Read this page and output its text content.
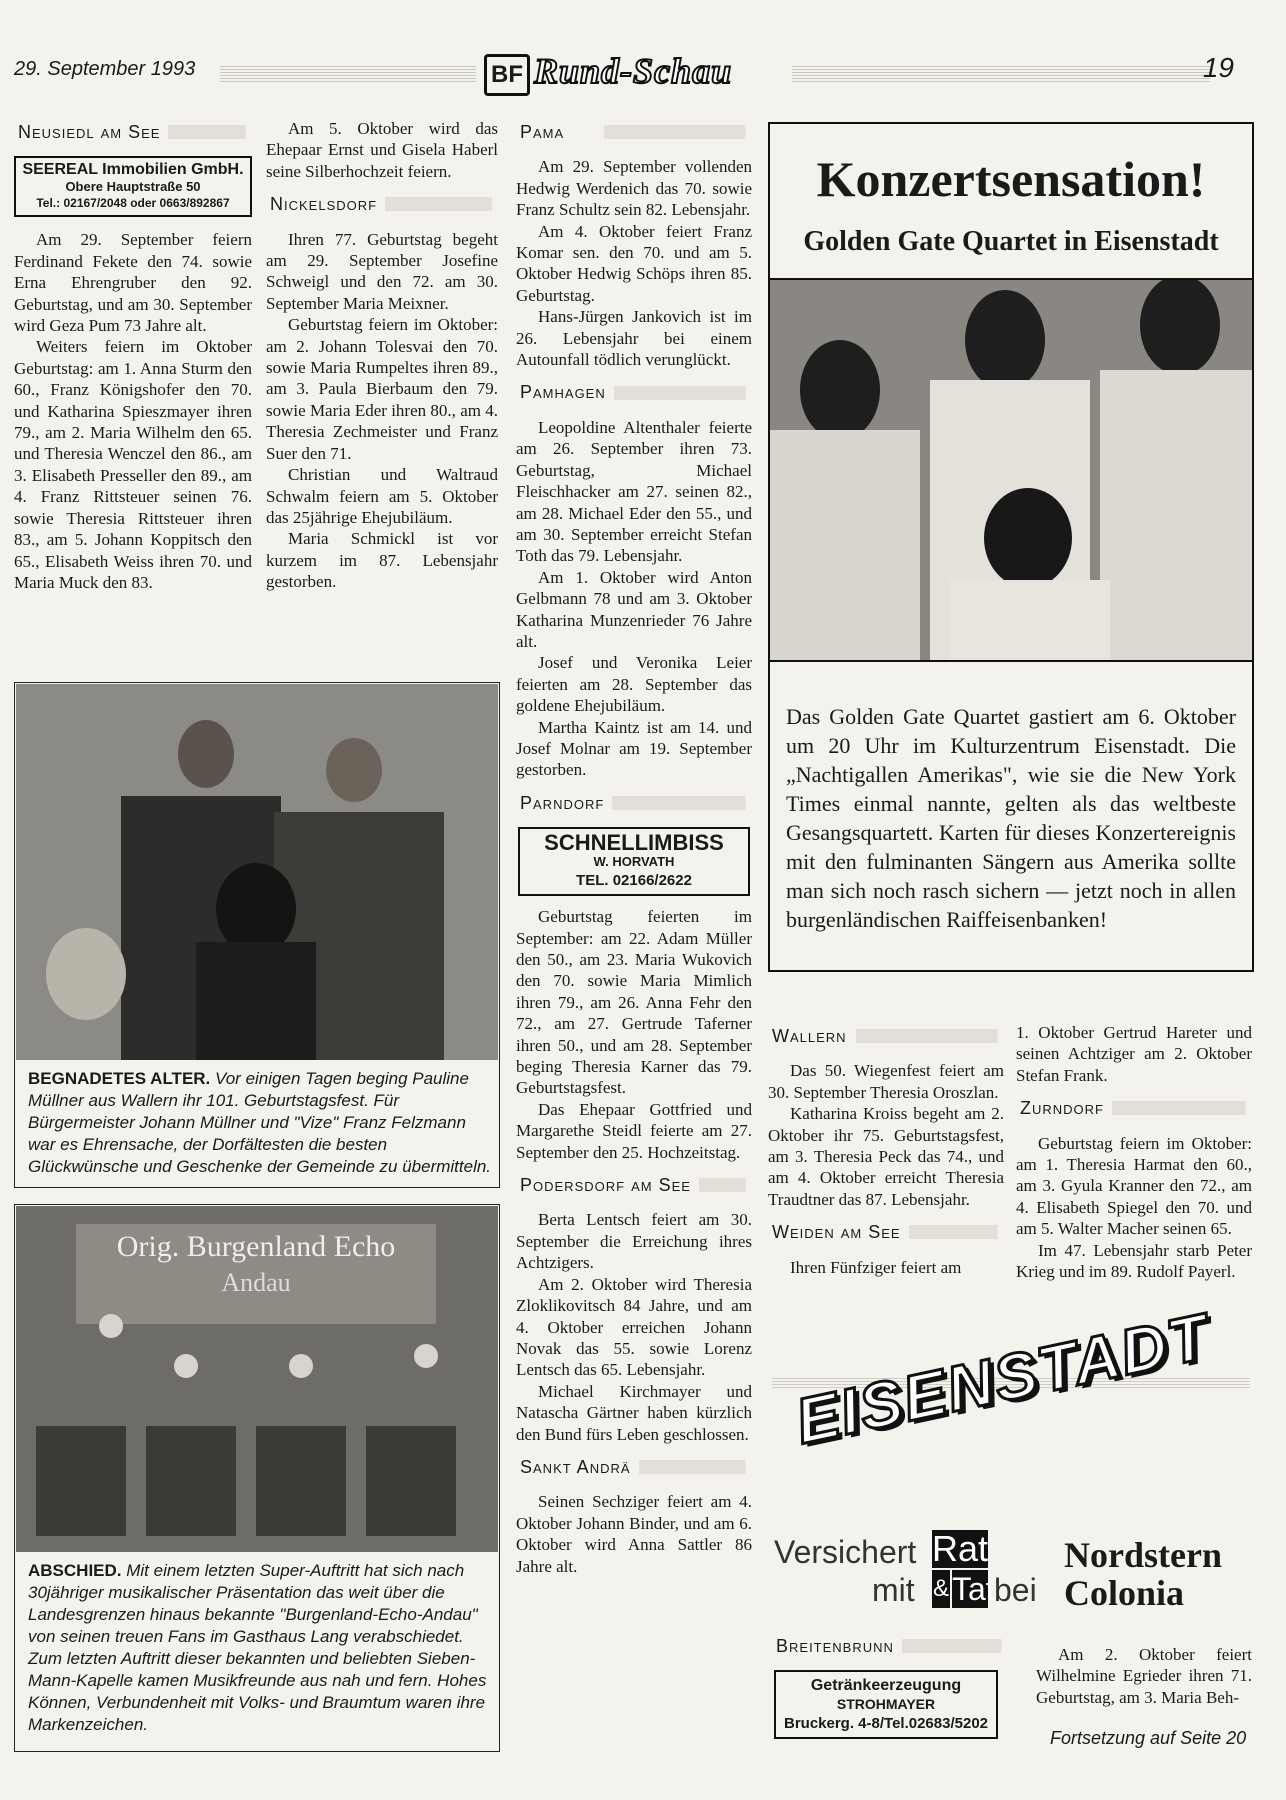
29. September 1993	BF Rund-Schau	19
Neusiedl am See
SEEREAL Immobilien GmbH.
Obere Hauptstraße 50
Tel.: 02167/2048 oder 0663/892867

Am 29. September feiern Ferdinand Fekete den 74. sowie Erna Ehrengruber den 92. Geburtstag, und am 30. September wird Geza Pum 73 Jahre alt.

Weiters feiern im Oktober Geburtstag: am 1. Anna Sturm den 60., Franz Königshofer den 70. und Katharina Spieszmayer ihren 79., am 2. Maria Wilhelm den 65. und Theresia Wenczel den 86., am 3. Elisabeth Presseller den 89., am 4. Franz Rittsteuer seinen 76. sowie Theresia Rittsteuer ihren 83., am 5. Johann Koppitsch den 65., Elisabeth Weiss ihren 70. und Maria Muck den 83.

Am 5. Oktober wird das Ehepaar Ernst und Gisela Haberl seine Silberhochzeit feiern.

Nickelsdorf

Ihren 77. Geburtstag begeht am 29. September Josefine Schweigl und den 72. am 30. September Maria Meixner.

Geburtstag feiern im Oktober: am 2. Johann Tolesvai den 70. sowie Maria Rumpeltes ihren 89., am 3. Paula Bierbaum den 79. sowie Maria Eder ihren 80., am 4. Theresia Zechmeister und Franz Suer den 71.

Christian und Waltraud Schwalm feiern am 5. Oktober das 25jährige Ehejubiläum.

Maria Schmickl ist vor kurzem im 87. Lebensjahr gestorben.

BEGNADETES ALTER. Vor einigen Tagen beging Pauline Müllner aus Wallern ihr 101. Geburtstagsfest. Für Bürgermeister Johann Müllner und "Vize" Franz Felzmann war es Ehrensache, der Dorfältesten die besten Glückwünsche und Geschenke der Gemeinde zu übermitteln.
Orig. Burgenland Echo
Andau
ABSCHIED. Mit einem letzten Super-Auftritt hat sich nach 30jähriger musikalischer Präsentation das weit über die Landesgrenzen hinaus bekannte "Burgenland-Echo-Andau" von seinen treuen Fans im Gasthaus Lang verabschiedet. Zum letzten Auftritt dieser bekannten und beliebten Sieben-Mann-Kapelle kamen Musikfreunde aus nah und fern. Hohes Können, Verbundenheit mit Volks- und Braumtum waren ihre Markenzeichen.
Pama

Am 29. September vollenden Hedwig Werdenich das 70. sowie Franz Schultz sein 82. Lebensjahr.

Am 4. Oktober feiert Franz Komar sen. den 70. und am 5. Oktober Hedwig Schöps ihren 85. Geburtstag.

Hans-Jürgen Jankovich ist im 26. Lebensjahr bei einem Autounfall tödlich verunglückt.

Pamhagen

Leopoldine Altenthaler feierte am 26. September ihren 73. Geburtstag, Michael Fleischhacker am 27. seinen 82., am 28. Michael Eder den 55., und am 30. September erreicht Stefan Toth das 79. Lebensjahr.

Am 1. Oktober wird Anton Gelbmann 78 und am 3. Oktober Katharina Munzenrieder 76 Jahre alt.

Josef und Veronika Leier feierten am 28. September das goldene Ehejubiläum.

Martha Kaintz ist am 14. und Josef Molnar am 19. September gestorben.

Parndorf
SCHNELLIMBISS
W. HORVATH
TEL. 02166/2622

Geburtstag feierten im September: am 22. Adam Müller den 50., am 23. Maria Wukovich den 70. sowie Maria Mimlich ihren 79., am 26. Anna Fehr den 72., am 27. Gertrude Taferner ihren 50., und am 28. September beging Theresia Karner das 79. Geburtstagsfest.

Das Ehepaar Gottfried und Margarethe Steidl feierte am 27. September den 25. Hochzeitstag.

Podersdorf am See

Berta Lentsch feiert am 30. September die Erreichung ihres Achtzigers.

Am 2. Oktober wird Theresia Zloklikovitsch 84 Jahre, und am 4. Oktober erreichen Johann Novak das 55. sowie Lorenz Lentsch das 65. Lebensjahr.

Michael Kirchmayer und Natascha Gärtner haben kürzlich den Bund fürs Leben geschlossen.

Sankt Andrä

Seinen Sechziger feiert am 4. Oktober Johann Binder, und am 6. Oktober wird Anna Sattler 86 Jahre alt.

Konzertsensation!
Golden Gate Quartet in Eisenstadt
Das Golden Gate Quartet gastiert am 6. Oktober um 20 Uhr im Kulturzentrum Eisenstadt. Die „Nachtigallen Amerikas", wie sie die New York Times einmal nannte, gelten als das weltbeste Gesangsquartett. Karten für dieses Konzertereignis mit den fulminanten Sängern aus Amerika sollte man sich noch rasch sichern — jetzt noch in allen burgenländischen Raiffeisenbanken!
Wallern

Das 50. Wiegenfest feiert am 30. September Theresia Oroszlan.

Katharina Kroiss begeht am 2. Oktober ihr 75. Geburtstagsfest, am 3. Theresia Peck das 74., und am 4. Oktober erreicht Theresia Traudtner das 87. Lebensjahr.

Weiden am See

Ihren Fünfziger feiert am

1. Oktober Gertrud Hareter und seinen Achtziger am 2. Oktober Stefan Frank.

Zurndorf

Geburtstag feiern im Oktober: am 1. Theresia Harmat den 60., am 3. Gyula Kranner den 72., am 4. Elisabeth Spiegel den 70. und am 5. Walter Macher seinen 65.

Im 47. Lebensjahr starb Peter Krieg und im 89. Rudolf Payerl.

EISENSTADT
Versichert Rat
mit & Tat bei
Nordstern
Colonia
Breitenbrunn
Getränkeerzeugung
STROHMAYER
Bruckerg. 4-8/Tel.02683/5202

Am 2. Oktober feiert Wilhelmine Egrieder ihren 71. Geburtstag, am 3. Maria Beh-

Fortsetzung auf Seite 20
